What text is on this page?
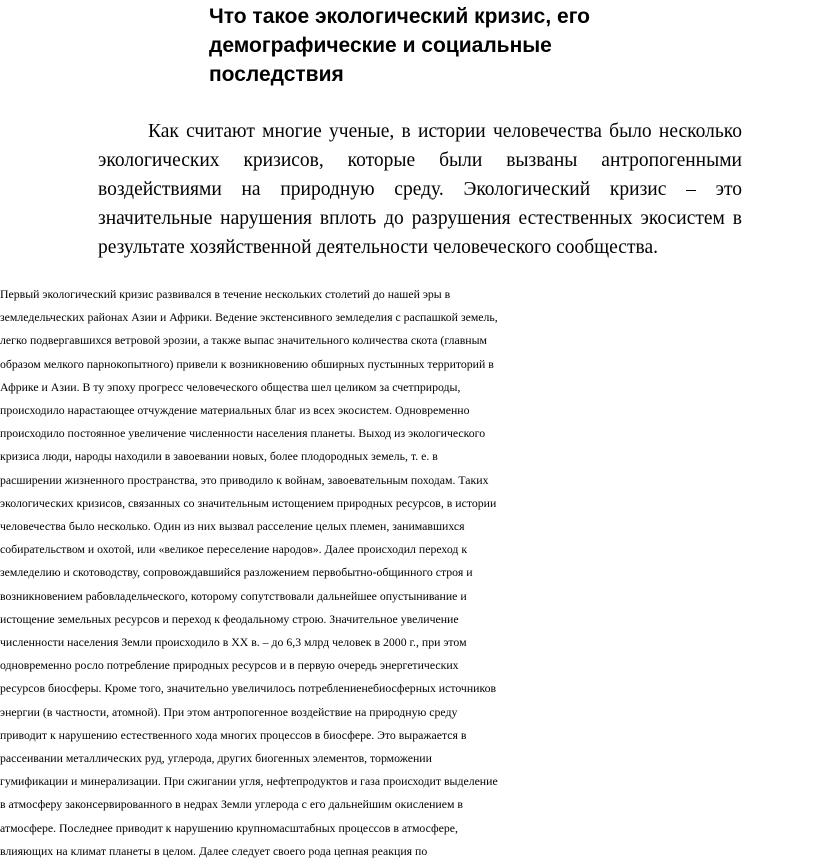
Что такое экологический кризис, его
демографические и социальные
последствия

Как считают многие ученые, в истории человечества было несколько экологических кризисов, которые были вызваны антропогенными воздействиями на природную среду. Экологический кризис – это значительные нарушения вплоть до разрушения естественных экосистем в результате хозяйственной деятельности человеческого сообщества.

Первый экологический кризис развивался в течение нескольких столетий до нашей эры в
земледельческих районах Азии и Африки. Ведение экстенсивного земледелия с распашкой земель,
легко подвергавшихся ветровой эрозии, а также выпас значительного количества скота (главным
образом мелкого парнокопытного) привели к возникновению обширных пустынных территорий в
Африке и Азии. В ту эпоху прогресс человеческого общества шел целиком за счетприроды,
происходило нарастающее отчуждение материальных благ из всех экосистем. Одновременно
происходило постоянное увеличение численности населения планеты. Выход из экологического
кризиса люди, народы находили в завоевании новых, более плодородных земель, т. е. в
расширении жизненного пространства, это приводило к войнам, завоевательным походам. Таких
экологических кризисов, связанных со значительным истощением природных ресурсов, в истории
человечества было несколько. Один из них вызвал расселение целых племен, занимавшихся
собирательством и охотой, или «великое переселение народов». Далее происходил переход к
земледелию и скотоводству, сопровождавшийся разложением первобытно-общинного строя и
возникновением рабовладельческого, которому сопутствовали дальнейшее опустынивание и
истощение земельных ресурсов и переход к феодальному строю. Значительное увеличение
численности населения Земли происходило в XX в. – до 6,3 млрд человек в 2000 г., при этом
одновременно росло потребление природных ресурсов и в первую очередь энергетических
ресурсов биосферы. Кроме того, значительно увеличилось потреблениенебиосферных источников
энергии (в частности, атомной). При этом антропогенное воздействие на природную среду
приводит к нарушению естественного хода многих процессов в биосфере. Это выражается в
рассеивании металлических руд, углерода, других биогенных элементов, торможении
гумификации и минерализации. При сжигании угля, нефтепродуктов и газа происходит выделение
в атмосферу законсервированного в недрах Земли углерода с его дальнейшим окислением в
атмосфере. Последнее приводит к нарушению крупномасштабных процессов в атмосфере,
влияющих на климат планеты в целом. Далее следует своего рода цепная реакция по
